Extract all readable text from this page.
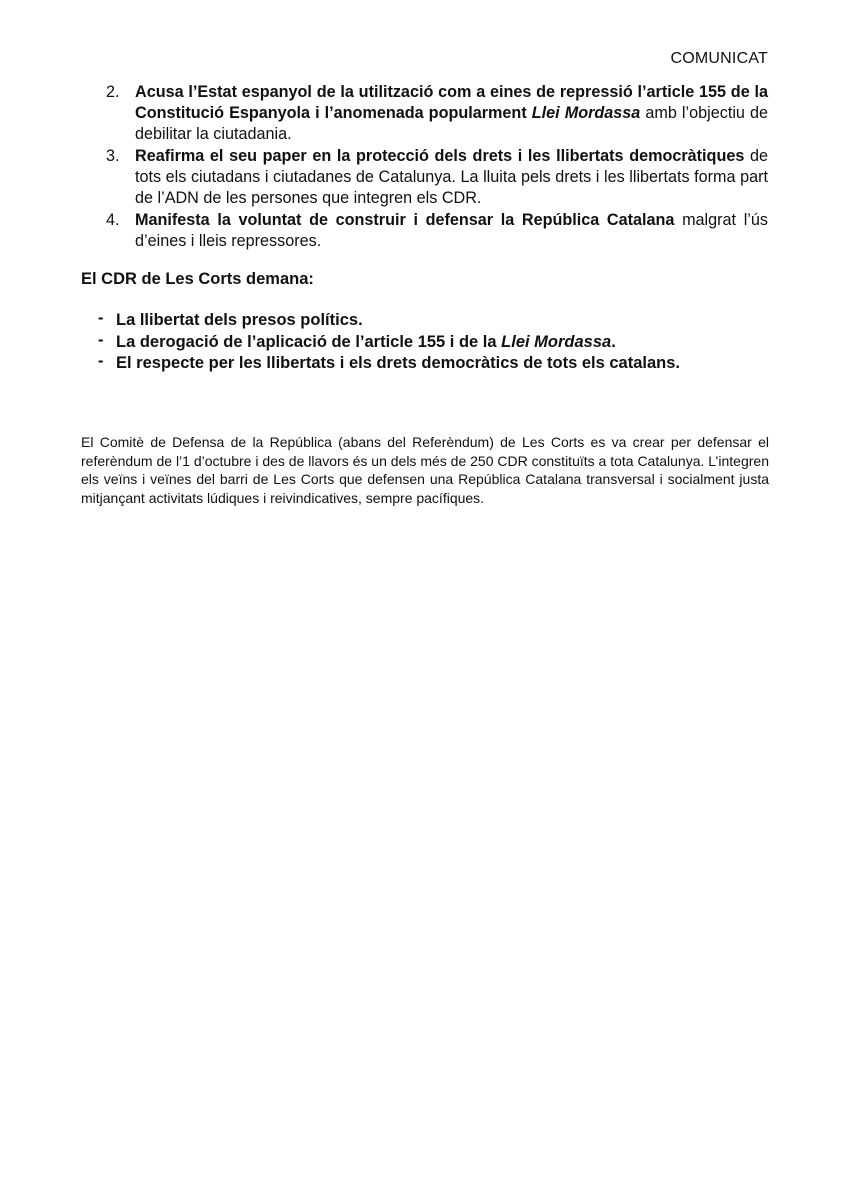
COMUNICAT
2. Acusa l’Estat espanyol de la utilització com a eines de repressió l’article 155 de la Constitució Espanyola i l’anomenada popularment Llei Mordassa amb l’objectiu de debilitar la ciutadania.
3. Reafirma el seu paper en la protecció dels drets i les llibertats democràtiques de tots els ciutadans i ciutadanes de Catalunya. La lluita pels drets i les llibertats forma part de l’ADN de les persones que integren els CDR.
4. Manifesta la voluntat de construir i defensar la República Catalana malgrat l’ús d’eines i lleis repressores.
El CDR de Les Corts demana:
- La llibertat dels presos polítics.
- La derogació de l’aplicació de l’article 155 i de la Llei Mordassa.
- El respecte per les llibertats i els drets democràtics de tots els catalans.

El Comitè de Defensa de la República (abans del Referèndum) de Les Corts es va crear per defensar el referèndum de l’1 d’octubre i des de llavors és un dels més de 250 CDR constituïts a tota Catalunya. L’integren els veïns i veïnes del barri de Les Corts que defensen una República Catalana transversal i socialment justa mitjançant activitats lúdiques i reivindicatives, sempre pacífiques.
